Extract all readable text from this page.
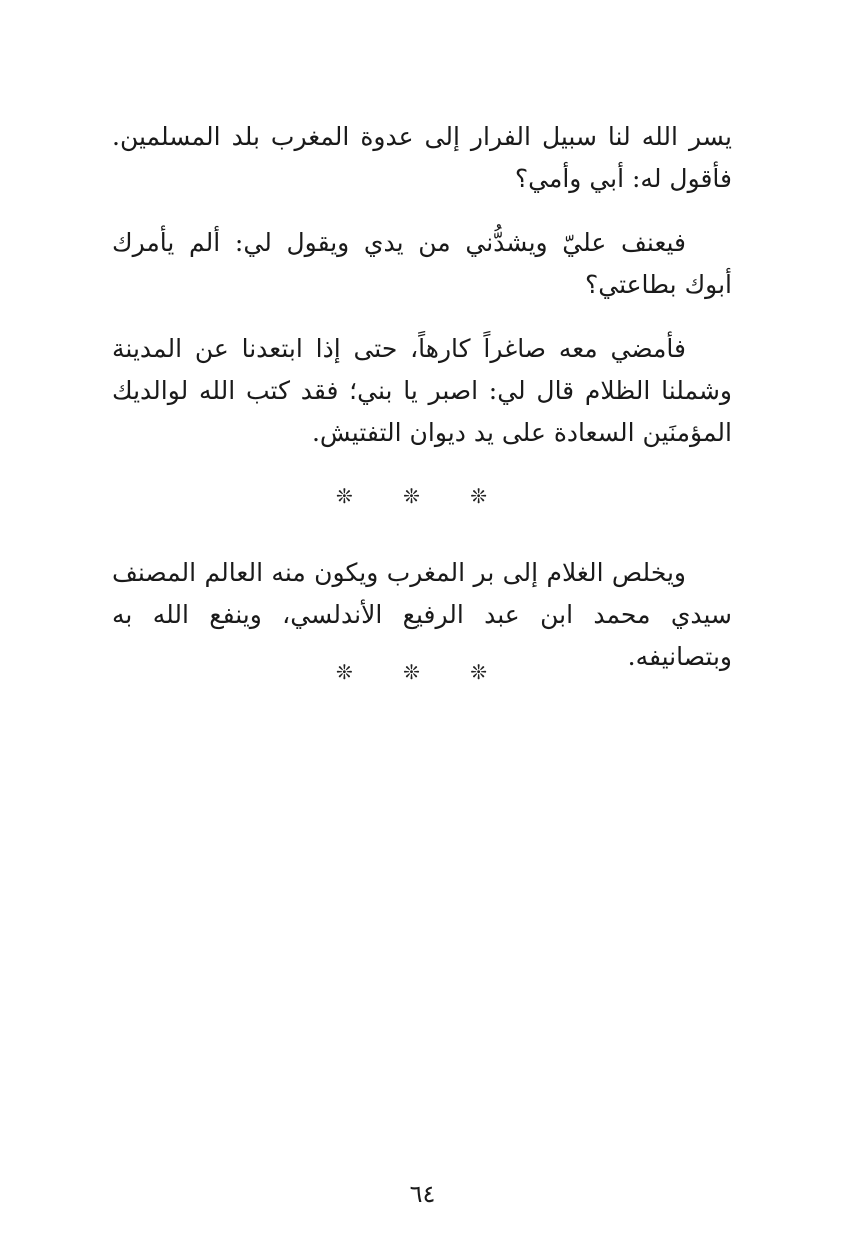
يسر الله لنا سبيل الفرار إلى عدوة المغرب بلد المسلمين. فأقول له: أبي وأمي؟

فيعنف عليّ ويشدُّني من يدي ويقول لي: ألم يأمرك أبوك بطاعتي؟

فأمضي معه صاغراً كارهاً، حتى إذا ابتعدنا عن المدينة وشملنا الظلام قال لي: اصبر يا بني؛ فقد كتب الله لوالديك المؤمنَين السعادة على يد ديوان التفتيش.

❊ ❊ ❊

ويخلص الغلام إلى بر المغرب ويكون منه العالم المصنف سيدي محمد ابن عبد الرفيع الأندلسي، وينفع الله به وبتصانيفه.

❊ ❊ ❊
٦٤
